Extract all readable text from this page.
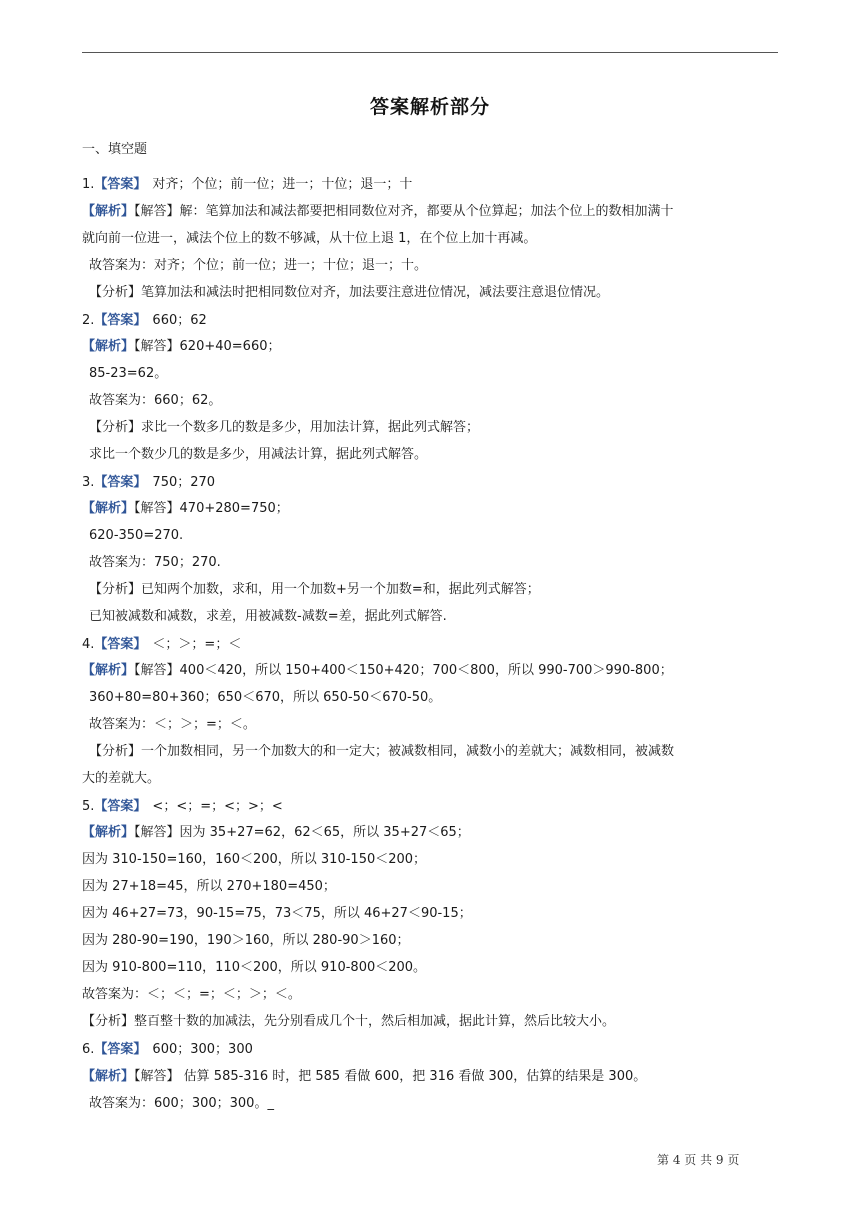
答案解析部分
一、填空题
1.【答案】 对齐；个位；前一位；进一；十位；退一；十
【解析】【解答】解：笔算加法和减法都要把相同数位对齐，都要从个位算起；加法个位上的数相加满十
就向前一位进一，减法个位上的数不够减，从十位上退 1，在个位上加十再减。
故答案为：对齐；个位；前一位；进一；十位；退一；十。
【分析】笔算加法和减法时把相同数位对齐，加法要注意进位情况，减法要注意退位情况。
2.【答案】 660；62
【解析】【解答】620+40=660；
85-23=62。
故答案为：660；62。
【分析】求比一个数多几的数是多少，用加法计算，据此列式解答；
求比一个数少几的数是多少，用减法计算，据此列式解答。
3.【答案】 750；270
【解析】【解答】470+280=750；
620-350=270.
故答案为：750；270.
【分析】已知两个加数，求和，用一个加数+另一个加数=和，据此列式解答；
已知被减数和减数，求差，用被减数-减数=差，据此列式解答.
4.【答案】 ＜；＞；=；＜
【解析】【解答】400＜420，所以 150+400＜150+420；700＜800，所以 990-700＞990-800；
360+80=80+360；650＜670，所以 650-50＜670-50。
故答案为：＜；＞；=；＜。
【分析】一个加数相同，另一个加数大的和一定大；被减数相同，减数小的差就大；减数相同，被减数
大的差就大。
5.【答案】 <；<；=；<；>；<
【解析】【解答】因为 35+27=62，62＜65，所以 35+27＜65；
因为 310-150=160，160＜200，所以 310-150＜200；
因为 27+18=45，所以 270+180=450；
因为 46+27=73，90-15=75，73＜75，所以 46+27＜90-15；
因为 280-90=190，190＞160，所以 280-90＞160；
因为 910-800=110，110＜200，所以 910-800＜200。
故答案为：＜；＜；=；＜；＞；＜。
【分析】整百整十数的加减法，先分别看成几个十，然后相加减，据此计算，然后比较大小。
6.【答案】 600；300；300
【解析】【解答】 估算 585-316 时，把 585 看做 600，把 316 看做 300，估算的结果是 300。
故答案为：600；300；300。_
第 4 页 共 9 页
